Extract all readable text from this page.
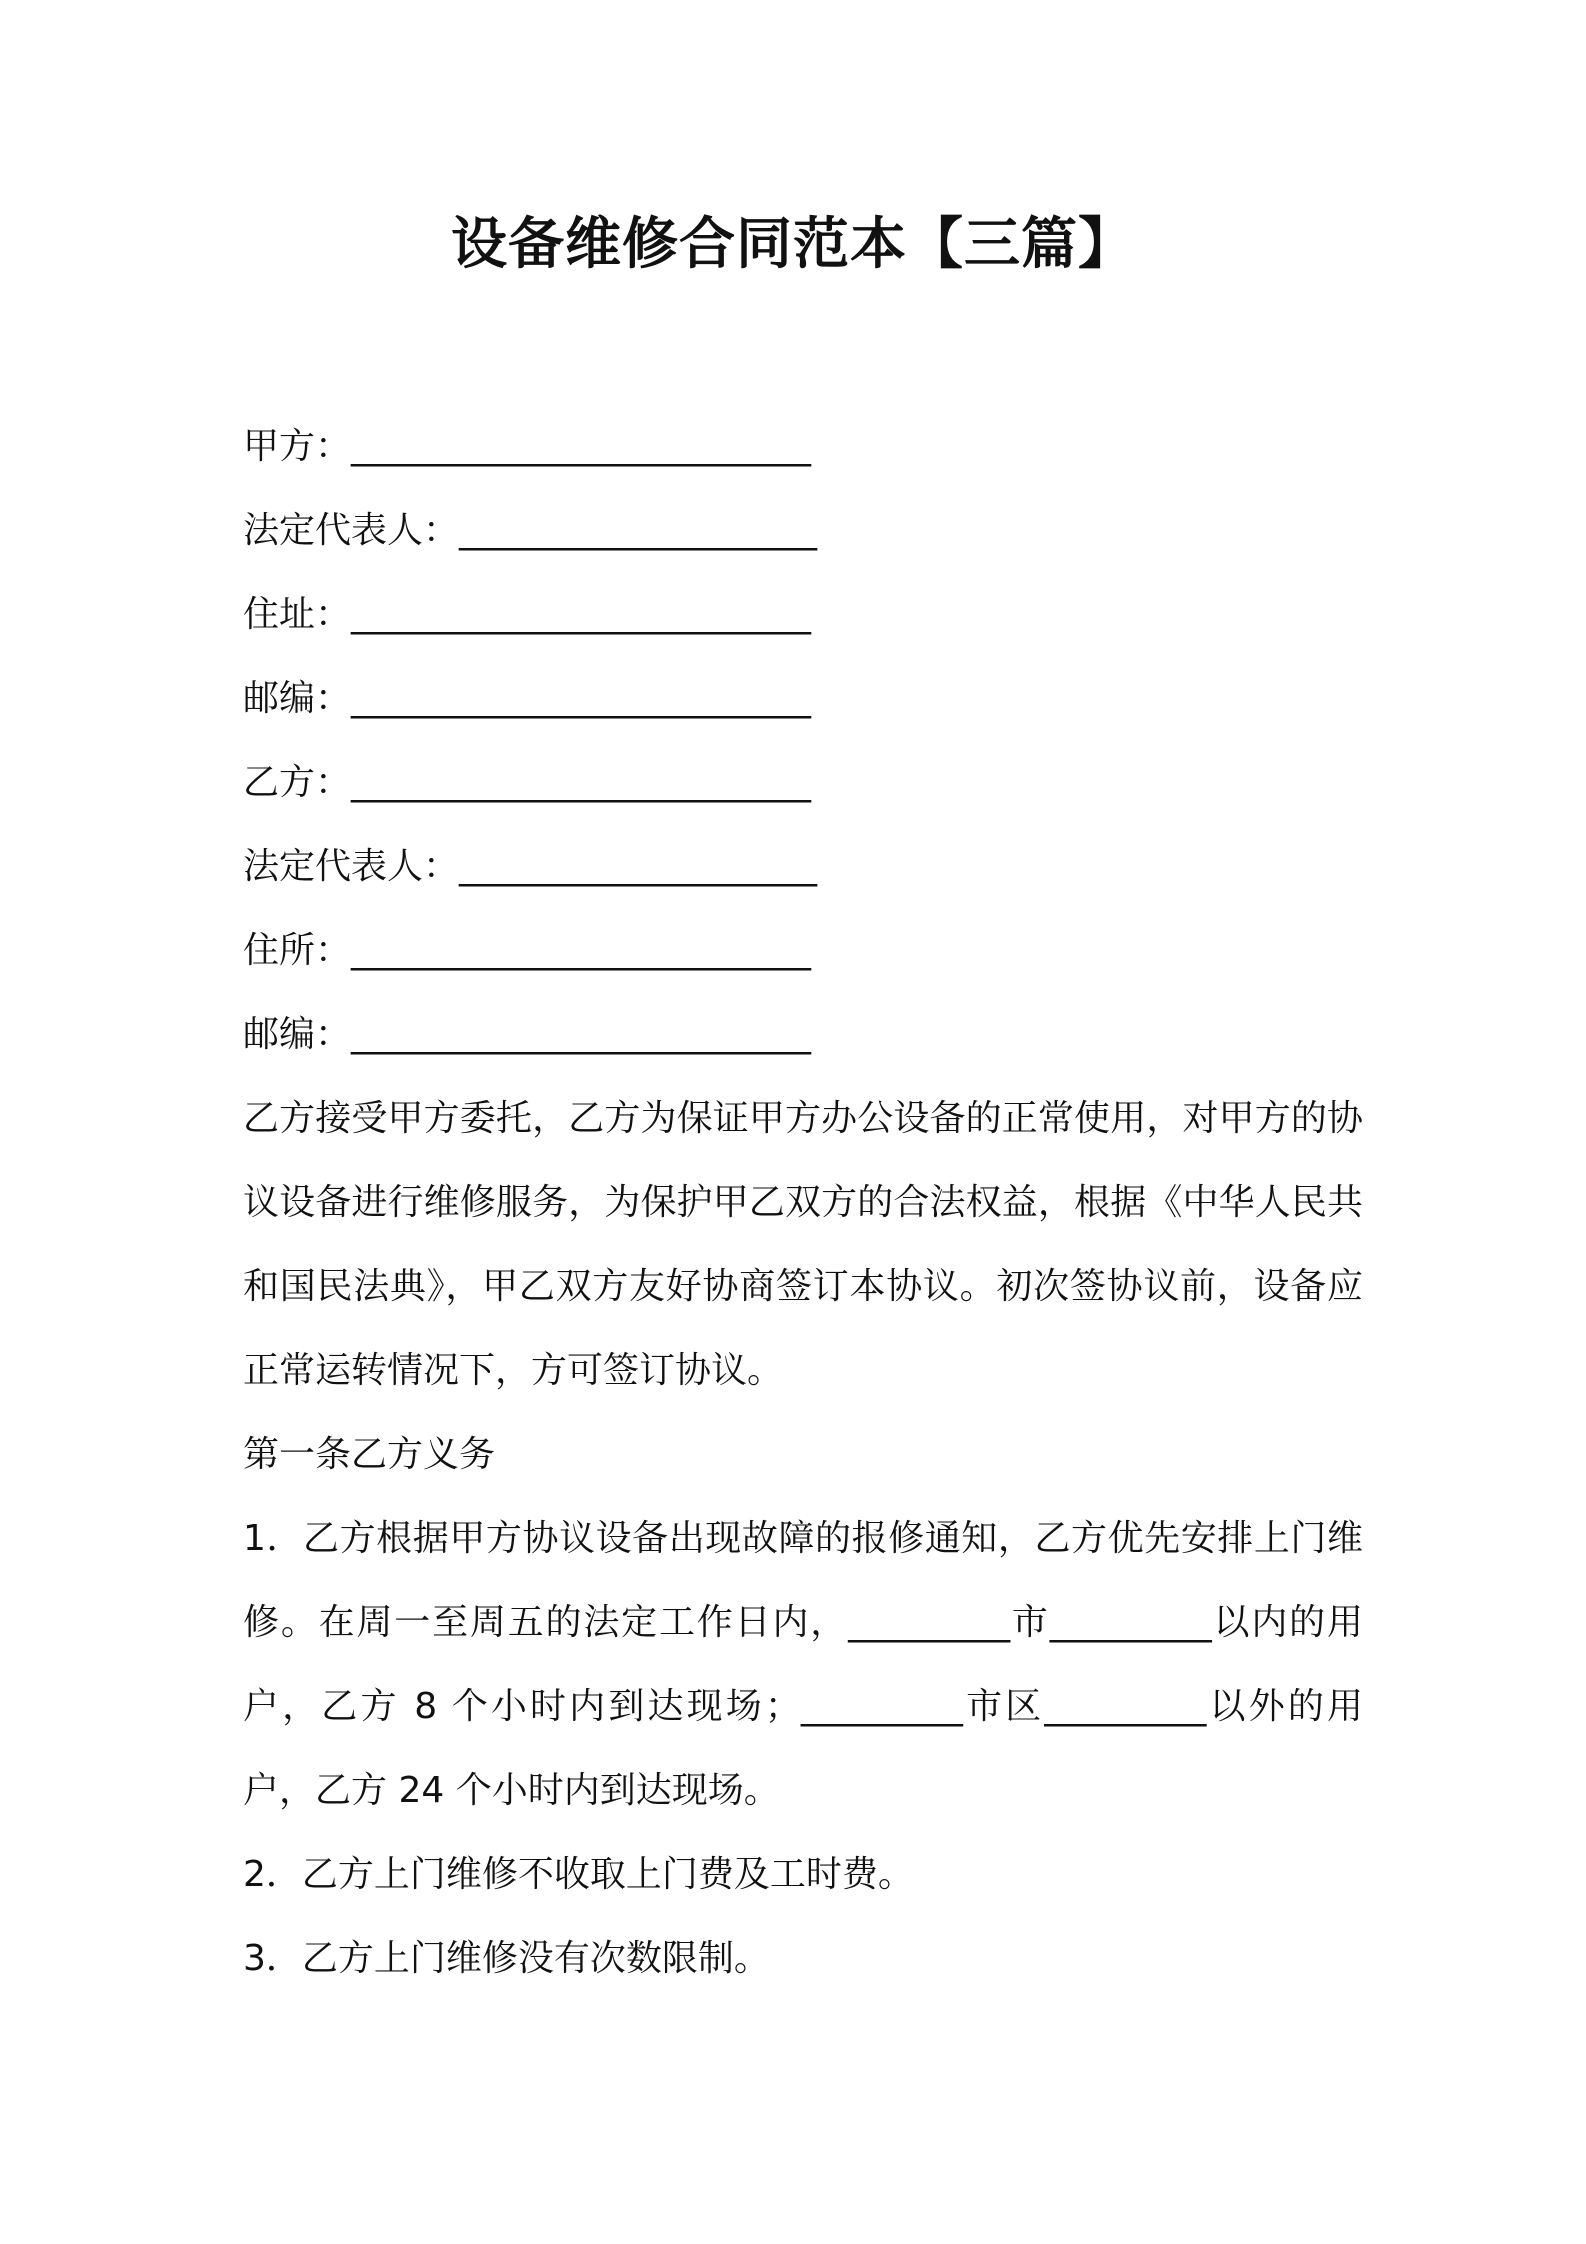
设备维修合同范本【三篇】
甲方：___________________________
法定代表人：_____________________
住址：___________________________
邮编：___________________________
乙方：___________________________
法定代表人：_____________________
住所：___________________________
邮编：___________________________
乙方接受甲方委托，乙方为保证甲方办公设备的正常使用，对甲方的协议设备进行维修服务，为保护甲乙双方的合法权益，根据《中华人民共和国民法典》，甲乙双方友好协商签订本协议。初次签协议前，设备应正常运转情况下，方可签订协议。
第一条乙方义务
1．乙方根据甲方协议设备出现故障的报修通知，乙方优先安排上门维修。在周一至周五的法定工作日内，_________市_________以内的用户，乙方 8 个小时内到达现场；_________市区_________以外的用户，乙方 24 个小时内到达现场。
2．乙方上门维修不收取上门费及工时费。
3．乙方上门维修没有次数限制。
